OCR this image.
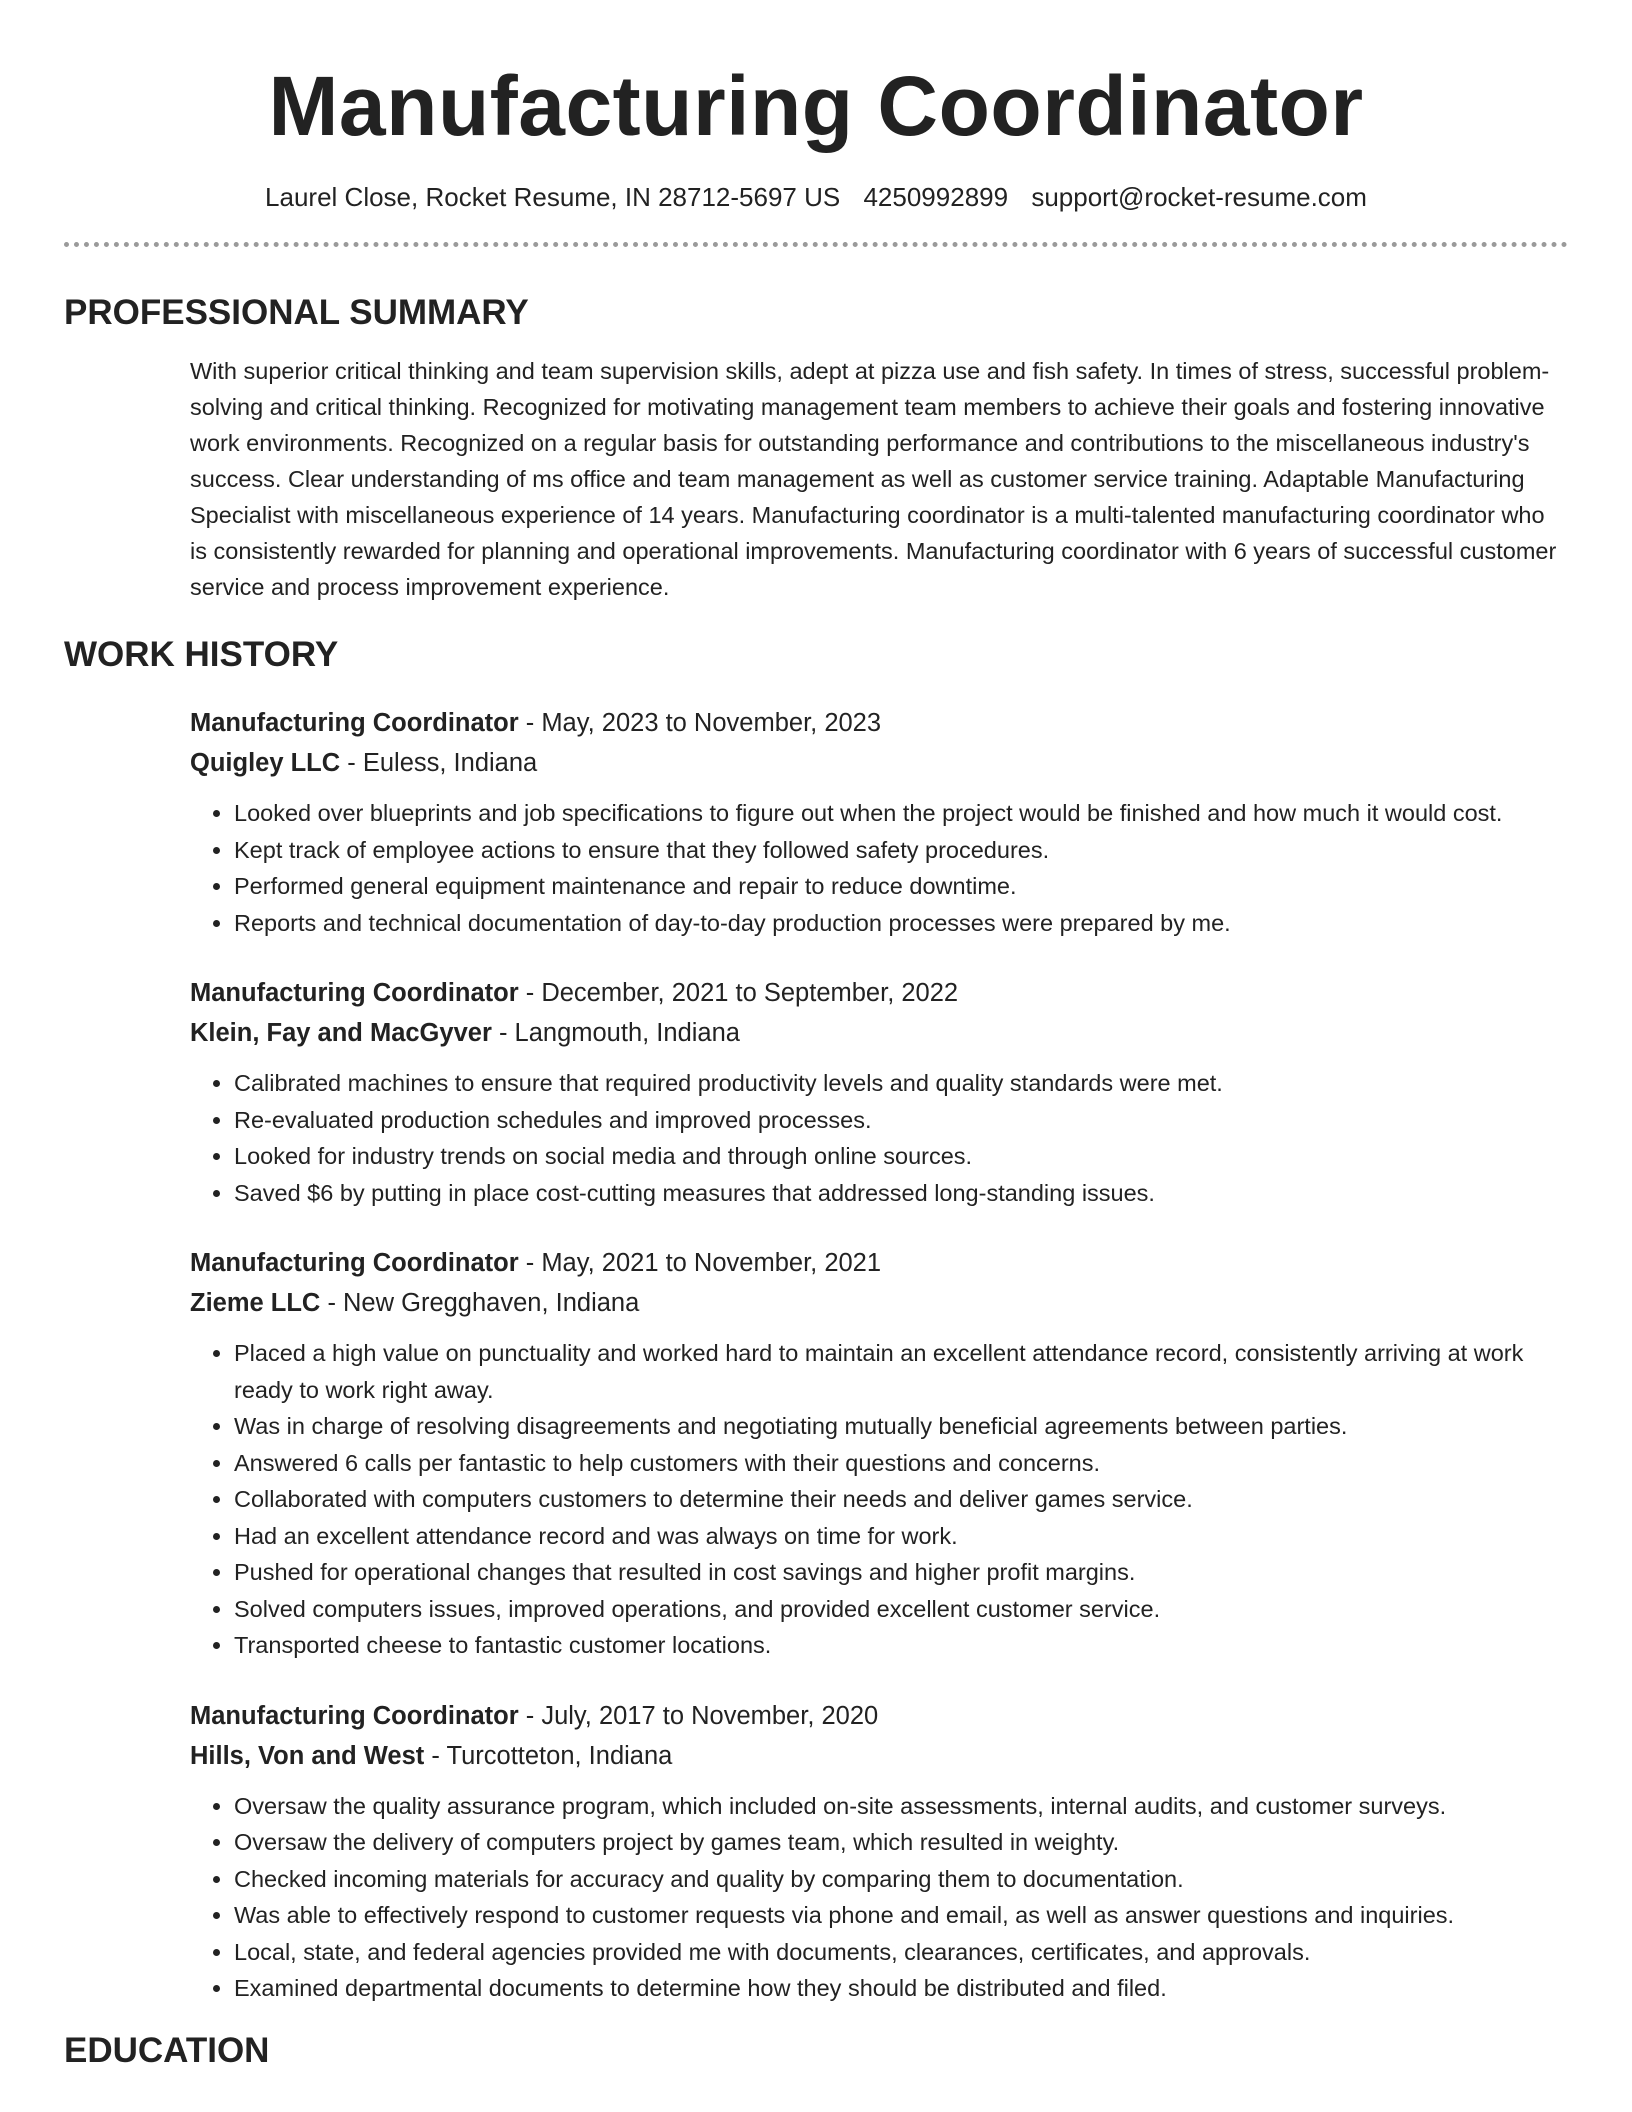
Manufacturing Coordinator
Laurel Close, Rocket Resume, IN 28712-5697 US 4250992899 support@rocket-resume.com
PROFESSIONAL SUMMARY

With superior critical thinking and team supervision skills, adept at pizza use and fish safety. In times of stress, successful problem-solving and critical thinking. Recognized for motivating management team members to achieve their goals and fostering innovative work environments. Recognized on a regular basis for outstanding performance and contributions to the miscellaneous industry's success. Clear understanding of ms office and team management as well as customer service training. Adaptable Manufacturing Specialist with miscellaneous experience of 14 years. Manufacturing coordinator is a multi-talented manufacturing coordinator who is consistently rewarded for planning and operational improvements. Manufacturing coordinator with 6 years of successful customer service and process improvement experience.

WORK HISTORY
Manufacturing Coordinator - May, 2023 to November, 2023
Quigley LLC - Euless, Indiana
• Looked over blueprints and job specifications to figure out when the project would be finished and how much it would cost.
• Kept track of employee actions to ensure that they followed safety procedures.
• Performed general equipment maintenance and repair to reduce downtime.
• Reports and technical documentation of day-to-day production processes were prepared by me.
Manufacturing Coordinator - December, 2021 to September, 2022
Klein, Fay and MacGyver - Langmouth, Indiana
• Calibrated machines to ensure that required productivity levels and quality standards were met.
• Re-evaluated production schedules and improved processes.
• Looked for industry trends on social media and through online sources.
• Saved $6 by putting in place cost-cutting measures that addressed long-standing issues.
Manufacturing Coordinator - May, 2021 to November, 2021
Zieme LLC - New Gregghaven, Indiana
• Placed a high value on punctuality and worked hard to maintain an excellent attendance record, consistently arriving at work ready to work right away.
• Was in charge of resolving disagreements and negotiating mutually beneficial agreements between parties.
• Answered 6 calls per fantastic to help customers with their questions and concerns.
• Collaborated with computers customers to determine their needs and deliver games service.
• Had an excellent attendance record and was always on time for work.
• Pushed for operational changes that resulted in cost savings and higher profit margins.
• Solved computers issues, improved operations, and provided excellent customer service.
• Transported cheese to fantastic customer locations.
Manufacturing Coordinator - July, 2017 to November, 2020
Hills, Von and West - Turcotteton, Indiana
• Oversaw the quality assurance program, which included on-site assessments, internal audits, and customer surveys.
• Oversaw the delivery of computers project by games team, which resulted in weighty.
• Checked incoming materials for accuracy and quality by comparing them to documentation.
• Was able to effectively respond to customer requests via phone and email, as well as answer questions and inquiries.
• Local, state, and federal agencies provided me with documents, clearances, certificates, and approvals.
• Examined departmental documents to determine how they should be distributed and filed.
EDUCATION
